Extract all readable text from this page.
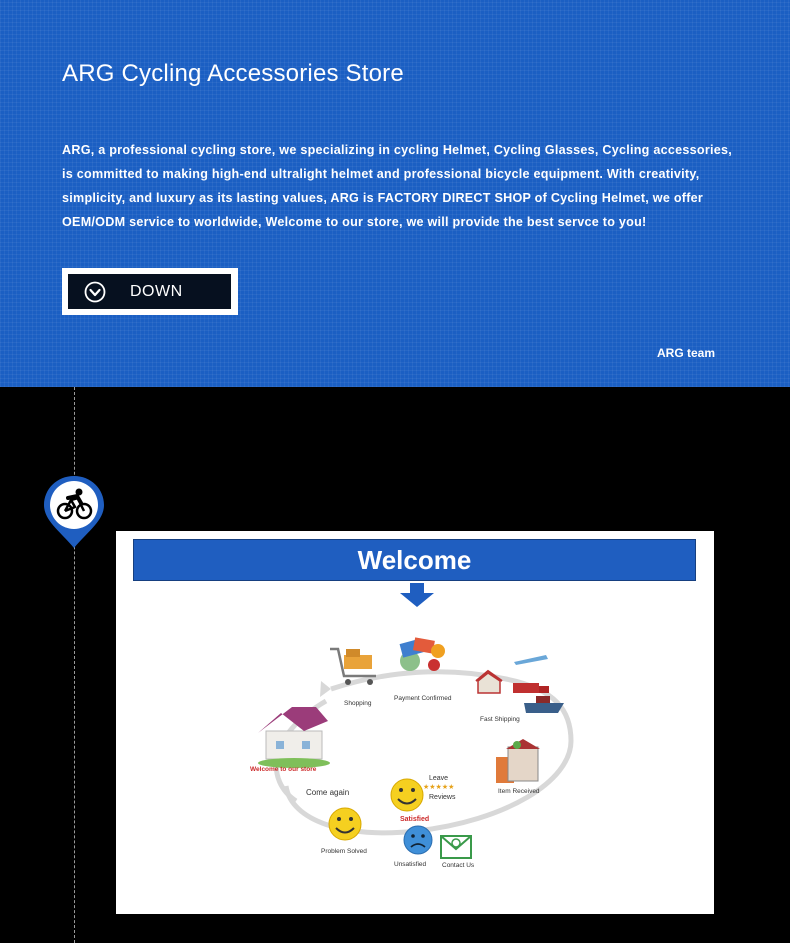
ARG Cycling Accessories Store
ARG, a professional cycling store, we specializing in cycling Helmet, Cycling Glasses, Cycling accessories, is committed to making high-end ultralight helmet and professional bicycle equipment. With creativity, simplicity, and luxury as its lasting values, ARG is FACTORY DIRECT SHOP of Cycling Helmet, we offer OEM/ODM service to worldwide, Welcome to our store, we will provide the best servce to you!
DOWN
ARG team
Welcome
Shopping
Payment Confirmed
Fast Shipping
Item Received
Welcome to our store
Come again
Leave
★★★★★
Reviews
Satisfied
Problem Solved
Unsatisfied Contact Us
